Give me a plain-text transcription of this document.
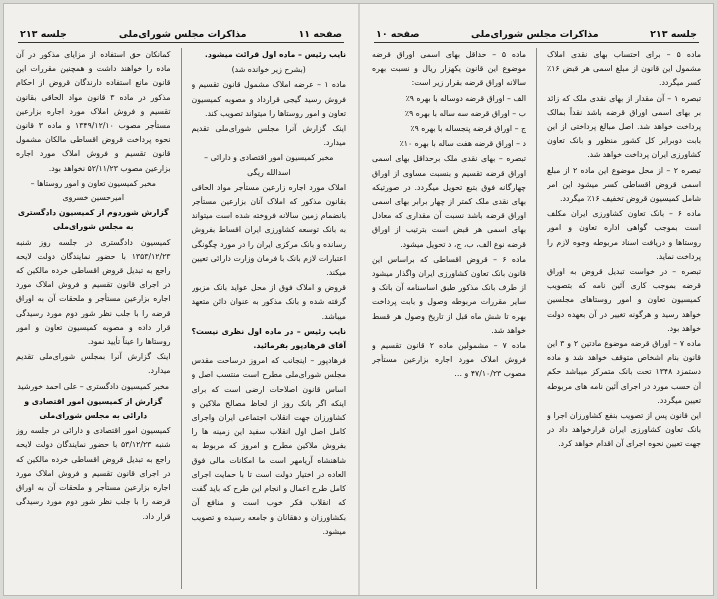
صفحه ۱۱
مذاکرات مجلس شورای‌ملی
جلسه ۲۱۳

نایب رئیس – ماده اول قرائت میشود.

(بشرح زیر خوانده شد)

ماده ۱ – عرضه املاک مشمول قانون تقسیم و فروش رسید گیجی قرارداد و مصوبه کمیسیون تعاون و امور روستاها را میتواند تصویب کند.

اینک گزارش آنرا مجلس شورای‌ملی تقدیم میدارد.

مخبر کمیسیون امور اقتصادی و دارائی – اسدالله ریگی

املاک مورد اجاره زارعین مستأجر مواد الحاقی بقانون مذکور که املاک آنان بزارعین مستأجر بانضمام زمین سالانه فروخته شده است میتواند به بانک توسعه کشاورزی ایران اقساط بفروش رسانده و بانک مرکزی ایران را در مورد چگونگی اعتبارات لازم بانک با فرمان وزارت دارائی تعیین میکند.

قروض و املاک فوق از محل عواید بانک مزبور گرفته شده و بانک مذکور به عنوان دائن متعهد میباشد.

نایب رئیس – در ماده اول نظری نیست؟ آقای فرهادپور بفرمائید.

فرهادپور – اینجانب که امروز درساحت مقدس مجلس شورای‌ملی مطرح است منتسب اصل و اساس قانون اصلاحات ارضی است که برای اینکه اگر بانک روز از لحاظ مصالح ملاکین و کشاورزان جهت انقلاب اجتماعی ایران واجرای کامل اصل اول انقلاب سفید این زمینه ها را بفروش ملاکین مطرح و امروز که مربوط به شاهنشاه آریامهر است ما امکانات مالی فوق العاده در اختیار دولت است تا با حمایت اجرای کامل طرح اعمال و انجام این طرح که باید گفت که انقلاب فکر خوب است و منافع آن بکشاورزان و دهقانان و جامعه رسیده و تصویب میشود.

کمانکان حق استفاده از مزایای مذکور در آن ماده را خواهند داشت و همچنین مقررات این قانون مانع استفاده دارندگان قروض از احکام مذکور در ماده ۳ قانون مواد الحاقی بقانون تقسیم و فروش املاک مورد اجاره بزارعین مستأجر مصوب ۱۳۴۹/۱۲/۱۰ و ماده ۳ قانون نحوه پرداخت قروض اقساطی مالکان مشمول قانون تقسیم و فروش املاک مورد اجاره بزارعین مصوب ۵۲/۱۱/۲۳ نخواهد بود.

مخبر کمیسیون تعاون و امور روستاها – امیرحسین خسروی

گزارش شوردوم از کمیسیون دادگستری به مجلس شورای‌ملی

کمیسیون دادگستری در جلسه روز شنبه ۱۳۵۳/۱۲/۲۳ با حضور نمایندگان دولت لایحه راجع به تبدیل قروض اقساطی خرده مالکین که در اجرای قانون تقسیم و فروش املاک مورد اجاره بزارعین مستأجر و ملحقات آن به اوراق قرضه را با جلب نظر شور دوم مورد رسیدگی قرار داده و مصوبه کمیسیون تعاون و امور روستاها را عیناً تأیید نمود.

اینک گزارش آنرا بمجلس شورای‌ملی تقدیم میدارد.

مخبر کمیسیون دادگستری – علی احمد خورشید

گزارش از کمیسیون امور اقتصادی و دارائی به مجلس شورای‌ملی

کمیسیون امور اقتصادی و دارائی در جلسه روز شنبه ۵۳/۱۲/۲۳ با حضور نمایندگان دولت لایحه راجع به تبدیل قروض اقساطی خرده مالکین که در اجرای قانون تقسیم و فروش املاک مورد اجاره بزارعین مستأجر و ملحقات آن به اوراق قرضه را با جلب نظر شور دوم مورد رسیدگی قرار داد.

جلسه ۲۱۳
مذاکرات مجلس شورای‌ملی
صفحه ۱۰

ماده ۵ – برای احتساب بهای نقدی املاک مشمول این قانون از مبلغ اسمی هر قبض ۱۶٪ کسر میگردد.

تبصره ۱ – آن مقدار از بهای نقدی ملک که زائد بر بهای اسمی اوراق قرضه باشد نقداً بمالک پرداخت خواهد شد. اصل مبالغ پرداختی از این بابت دوبرابر کل کشور منظور و بانک تعاون کشاورزی ایران پرداخت خواهد شد.

تبصره ۲ – از محل موضوع این ماده ۲ از مبلغ اسمی قروض اقساطی کسر میشود این امر شامل کمیسیون قروض تخفیف ۱۶٪ میگردد.

ماده ۶ – بانک تعاون کشاورزی ایران مکلف است بموجب گواهی اداره تعاون و امور روستاها و دریافت اسناد مربوطه وجوه لازم را پرداخت نماید.

تبصره – در خواست تبدیل قروض به اوراق قرضه بموجب کاری آئین نامه که بتصویب کمیسیون تعاون و امور روستاهای مجلسین خواهد رسید و هرگونه تغییر در آن بعهده دولت خواهد بود.

ماده ۷ – اوراق قرضه موضوع مادتین ۲ و ۳ این قانون بنام اشخاص متوقف خواهد شد و ماده دستمزد ۱۳۴۸ تحت بانک متمرکز میباشد حکم آن حسب مورد در اجرای آئین نامه های مربوطه تعیین میگردد.

این قانون پس از تصویب بنفع کشاورزان اجرا و بانک تعاون کشاورزی ایران قرارخواهد داد در جهت تعیین نحوه اجرای آن اقدام خواهد کرد.

ماده ۵ – حداقل بهای اسمی اوراق قرضه موضوع این قانون یکهزار ریال و نسبت بهره سالانه اوراق قرضه بقرار زیر است:

الف – اوراق قرضه دوساله با بهره ۹٪

ب – اوراق قرضه سه ساله با بهره ۹٪

ج – اوراق قرضه پنجساله با بهره ۹٪

د – اوراق قرضه هفت ساله با بهره ۱۰٪

تبصره – بهای نقدی ملک برحداقل بهای اسمی اوراق قرضه تقسیم و بنسبت مساوی از اوراق چهارگانه فوق بتبع تحویل میگردد. در صورتیکه بهای نقدی ملک کمتر از چهار برابر بهای اسمی اوراق قرضه باشد نسبت آن مقداری که معادل بهای اسمی هر قبض است بترتیب از اوراق قرضه نوع الف، ب، ج، د تحویل میشود.

ماده ۶ – قروض اقساطی که براساس این قانون بانک تعاون کشاورزی ایران واگذار میشود از طرف بانک مذکور طبق اساسنامه آن بانک و سایر مقررات مربوطه وصول و بابت پرداخت بهره تا شش ماه قبل از تاریخ وصول هر قسط خواهد شد.

ماده ۷ – مشمولین ماده ۲ قانون تقسیم و فروش املاک مورد اجاره بزارعین مستأجر مصوب ۴۷/۱۰/۲۳ و …
